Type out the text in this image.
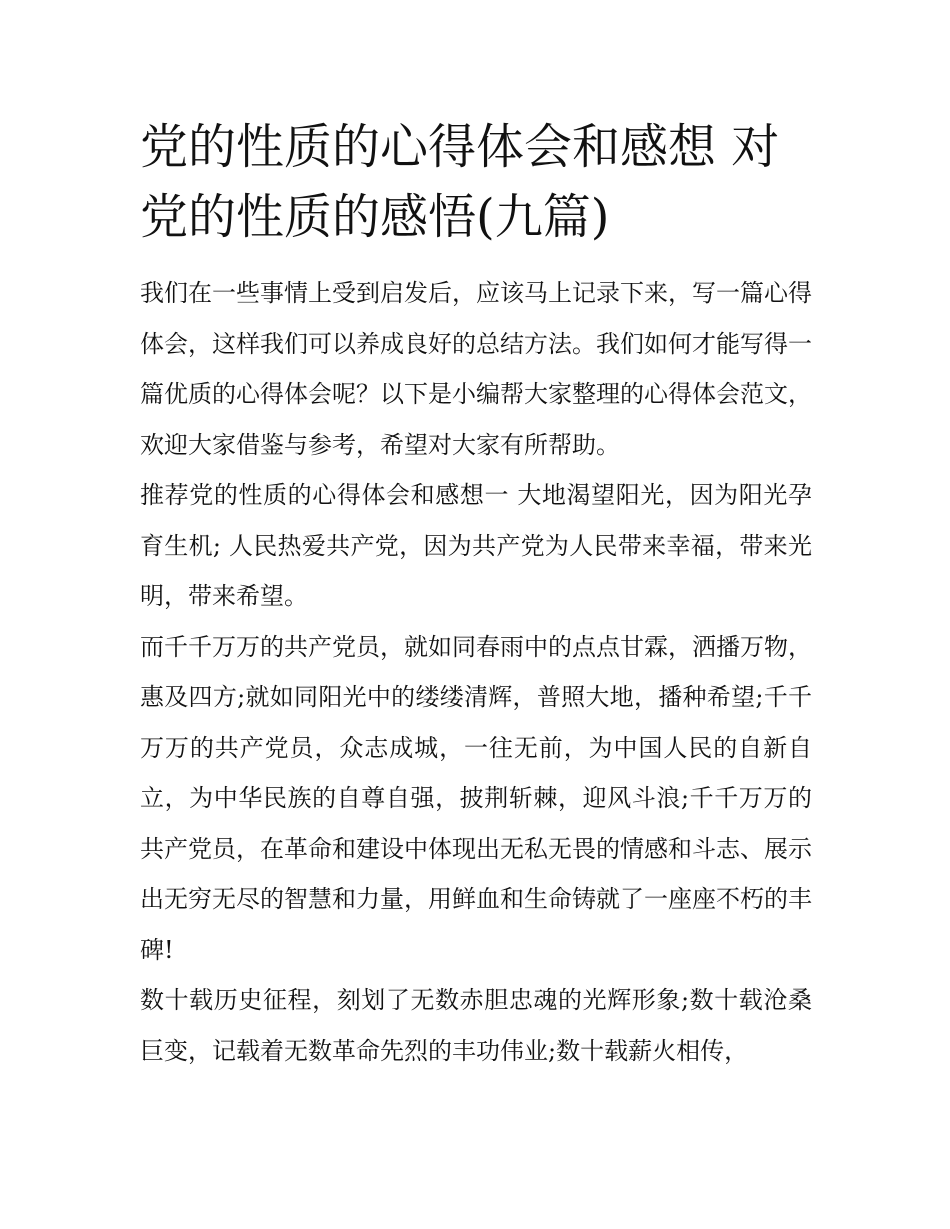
党的性质的心得体会和感想 对党的性质的感悟(九篇)

我们在一些事情上受到启发后，应该马上记录下来，写一篇心得体会，这样我们可以养成良好的总结方法。我们如何才能写得一篇优质的心得体会呢？以下是小编帮大家整理的心得体会范文，欢迎大家借鉴与参考，希望对大家有所帮助。

推荐党的性质的心得体会和感想一 大地渴望阳光，因为阳光孕育生机; 人民热爱共产党，因为共产党为人民带来幸福，带来光明，带来希望。

而千千万万的共产党员，就如同春雨中的点点甘霖，洒播万物，惠及四方;就如同阳光中的缕缕清辉，普照大地，播种希望;千千万万的共产党员，众志成城，一往无前，为中国人民的自新自立，为中华民族的自尊自强，披荆斩棘，迎风斗浪;千千万万的共产党员，在革命和建设中体现出无私无畏的情感和斗志、展示出无穷无尽的智慧和力量，用鲜血和生命铸就了一座座不朽的丰碑!

数十载历史征程，刻划了无数赤胆忠魂的光辉形象;数十载沧桑巨变，记载着无数革命先烈的丰功伟业;数十载薪火相传，
